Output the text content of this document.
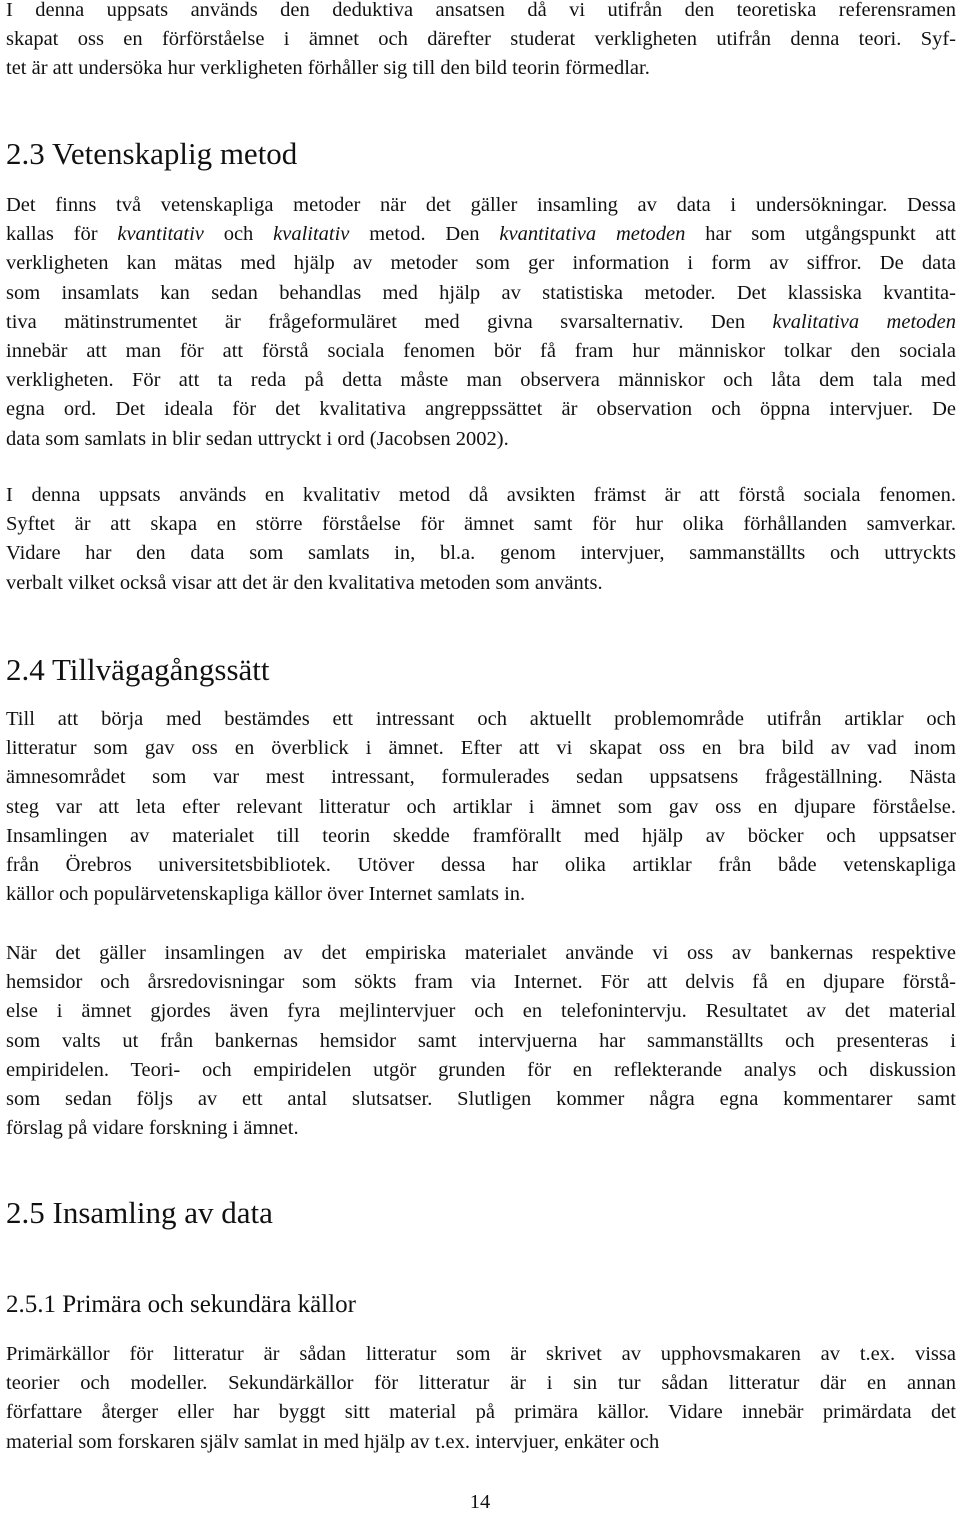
I denna uppsats används den deduktiva ansatsen då vi utifrån den teoretiska referensramen
skapat oss en förförståelse i ämnet och därefter studerat verkligheten utifrån denna teori. Syf-
tet är att undersöka hur verkligheten förhåller sig till den bild teorin förmedlar.

2.3 Vetenskaplig metod

Det finns två vetenskapliga metoder när det gäller insamling av data i undersökningar. Dessa
kallas för kvantitativ och kvalitativ metod. Den kvantitativa metoden har som utgångspunkt att
verkligheten kan mätas med hjälp av metoder som ger information i form av siffror. De data
som insamlats kan sedan behandlas med hjälp av statistiska metoder. Det klassiska kvantita-
tiva mätinstrumentet är frågeformuläret med givna svarsalternativ. Den kvalitativa metoden
innebär att man för att förstå sociala fenomen bör få fram hur människor tolkar den sociala
verkligheten. För att ta reda på detta måste man observera människor och låta dem tala med
egna ord. Det ideala för det kvalitativa angreppssättet är observation och öppna intervjuer. De
data som samlats in blir sedan uttryckt i ord (Jacobsen 2002).

I denna uppsats används en kvalitativ metod då avsikten främst är att förstå sociala fenomen.
Syftet är att skapa en större förståelse för ämnet samt för hur olika förhållanden samverkar.
Vidare har den data som samlats in, bl.a. genom intervjuer, sammanställts och uttryckts
verbalt vilket också visar att det är den kvalitativa metoden som använts.

2.4 Tillvägagångssätt

Till att börja med bestämdes ett intressant och aktuellt problemområde utifrån artiklar och
litteratur som gav oss en överblick i ämnet. Efter att vi skapat oss en bra bild av vad inom
ämnesområdet som var mest intressant, formulerades sedan uppsatsens frågeställning. Nästa
steg var att leta efter relevant litteratur och artiklar i ämnet som gav oss en djupare förståelse.
Insamlingen av materialet till teorin skedde framförallt med hjälp av böcker och uppsatser
från Örebros universitetsbibliotek. Utöver dessa har olika artiklar från både vetenskapliga
källor och populärvetenskapliga källor över Internet samlats in.

När det gäller insamlingen av det empiriska materialet använde vi oss av bankernas respektive
hemsidor och årsredovisningar som sökts fram via Internet. För att delvis få en djupare förstå-
else i ämnet gjordes även fyra mejlintervjuer och en telefonintervju. Resultatet av det material
som valts ut från bankernas hemsidor samt intervjuerna har sammanställts och presenteras i
empiridelen. Teori- och empiridelen utgör grunden för en reflekterande analys och diskussion
som sedan följs av ett antal slutsatser. Slutligen kommer några egna kommentarer samt
förslag på vidare forskning i ämnet.

2.5 Insamling av data
2.5.1 Primära och sekundära källor

Primärkällor för litteratur är sådan litteratur som är skrivet av upphovsmakaren av t.ex. vissa
teorier och modeller. Sekundärkällor för litteratur är i sin tur sådan litteratur där en annan
författare återger eller har byggt sitt material på primära källor. Vidare innebär primärdata det
material som forskaren själv samlat in med hjälp av t.ex. intervjuer, enkäter och

14
